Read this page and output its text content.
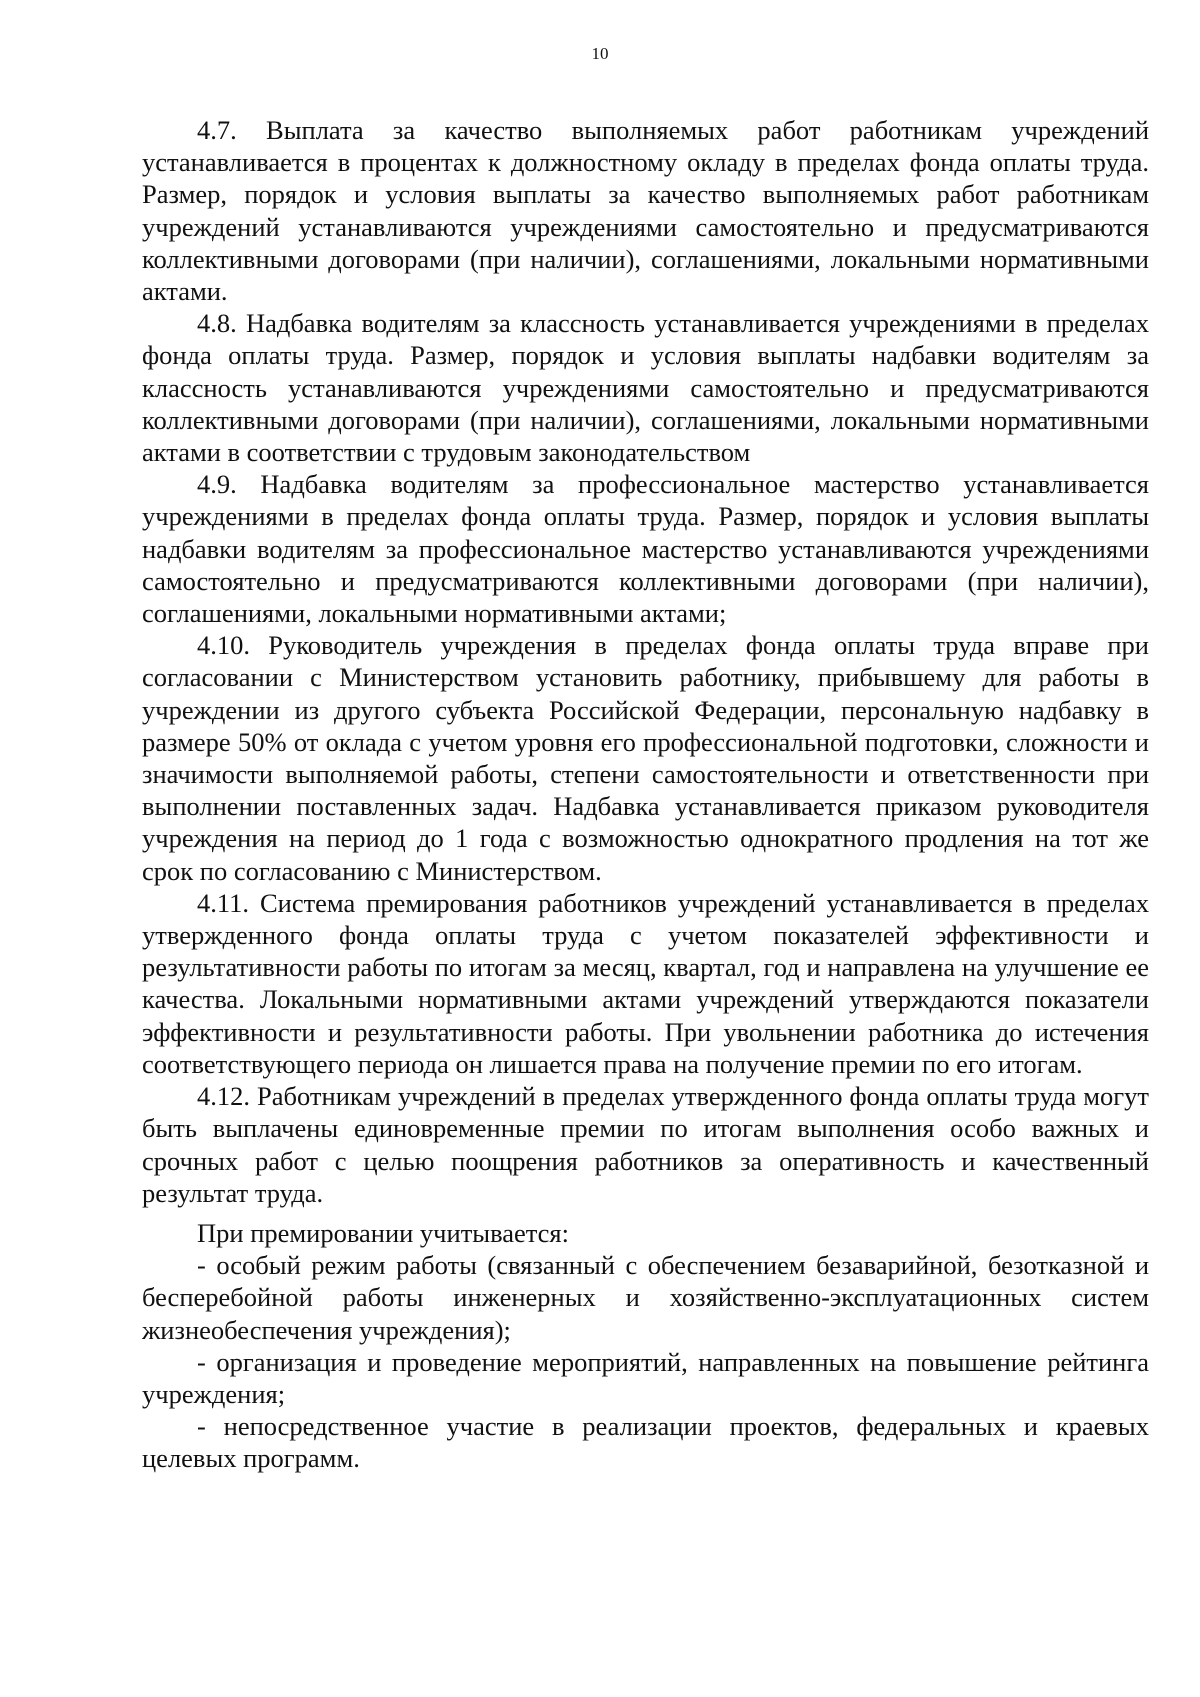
10

4.7. Выплата за качество выполняемых работ работникам учреждений устанавливается в процентах к должностному окладу в пределах фонда оплаты труда. Размер, порядок и условия выплаты за качество выполняемых работ работникам учреждений устанавливаются учреждениями самостоятельно и предусматриваются коллективными договорами (при наличии), соглашениями, локальными нормативными актами.

4.8. Надбавка водителям за классность устанавливается учреждениями в пределах фонда оплаты труда. Размер, порядок и условия выплаты надбавки водителям за классность устанавливаются учреждениями самостоятельно и предусматриваются коллективными договорами (при наличии), соглашениями, локальными нормативными актами в соответствии с трудовым законодательством

4.9. Надбавка водителям за профессиональное мастерство устанавливается учреждениями в пределах фонда оплаты труда. Размер, порядок и условия выплаты надбавки водителям за профессиональное мастерство устанавливаются учреждениями самостоятельно и предусматриваются коллективными договорами (при наличии), соглашениями, локальными нормативными актами;

4.10. Руководитель учреждения в пределах фонда оплаты труда вправе при согласовании с Министерством установить работнику, прибывшему для работы в учреждении из другого субъекта Российской Федерации, персональную надбавку в размере 50% от оклада с учетом уровня его профессиональной подготовки, сложности и значимости выполняемой работы, степени самостоятельности и ответственности при выполнении поставленных задач. Надбавка устанавливается приказом руководителя учреждения на период до 1 года с возможностью однократного продления на тот же срок по согласованию с Министерством.

4.11. Система премирования работников учреждений устанавливается в пределах утвержденного фонда оплаты труда с учетом показателей эффективности и результативности работы по итогам за месяц, квартал, год и направлена на улучшение ее качества. Локальными нормативными актами учреждений утверждаются показатели эффективности и результативности работы. При увольнении работника до истечения соответствующего периода он лишается права на получение премии по его итогам.

4.12. Работникам учреждений в пределах утвержденного фонда оплаты труда могут быть выплачены единовременные премии по итогам выполнения особо важных и срочных работ с целью поощрения работников за оперативность и качественный результат труда.

При премировании учитывается:

- особый режим работы (связанный с обеспечением безаварийной, безотказной и бесперебойной работы инженерных и хозяйственно-эксплуатационных систем жизнеобеспечения учреждения);

- организация и проведение мероприятий, направленных на повышение рейтинга учреждения;

- непосредственное участие в реализации проектов, федеральных и краевых целевых программ.
